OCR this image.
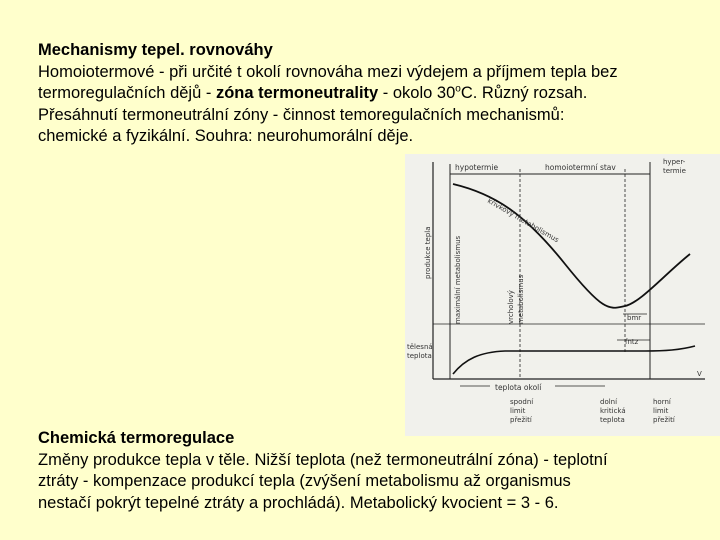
Mechanismy tepel. rovnováhy
Homoiotermové - při určité t okolí rovnováha mezi výdejem a příjmem tepla bez
termoregulačních dějů - zóna termoneutrality - okolo 30$^o$C. Různý rozsah.
Přesáhnutí termoneutrální zóny - činnost temoregulačních mechanismů:
chemické a fyzikální. Souhra: neurohumorální děje.
hypotermie	homoiotermní stav
hyper-
termie
V
křivkový metabolismus
produkce tepla	maximální metabolismus	vrcholový metabolismus
tělesná
teplota
bmr
fntz
teplota okolí
spodní
limit
přežití
dolní
kritická
teplota
horní
limit
přežití
Chemická termoregulace
Změny produkce tepla v těle. Nižší teplota (než termoneutrální zóna) - teplotní
ztráty - kompenzace produkcí tepla (zvýšení metabolismu až organismus
nestačí pokrýt tepelné ztráty a prochládá). Metabolický kvocient = 3 - 6.
